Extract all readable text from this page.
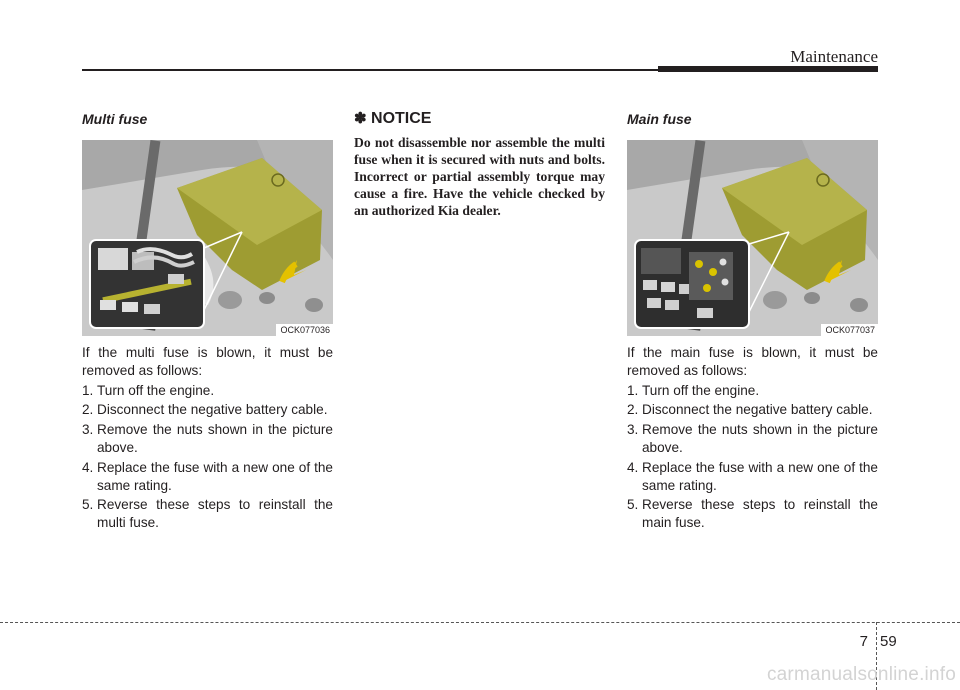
Maintenance
Multi fuse
OCK077036

If the multi fuse is blown, it must be removed as follows:

1. Turn off the engine.
2. Disconnect the negative battery cable.
3. Remove the nuts shown in the picture above.
4. Replace the fuse with a new one of the same rating.
5. Reverse these steps to reinstall the multi fuse.
✽ NOTICE

Do not disassemble nor assemble the multi fuse when it is secured with nuts and bolts. Incorrect or partial assembly torque may cause a fire. Have the vehicle checked by an authorized Kia dealer.

Main fuse
OCK077037

If the main fuse is blown, it must be removed as follows:

1. Turn off the engine.
2. Disconnect the negative battery cable.
3. Remove the nuts shown in the picture above.
4. Replace the fuse with a new one of the same rating.
5. Reverse these steps to reinstall the main fuse.
7 59
carmanualsonline.info
